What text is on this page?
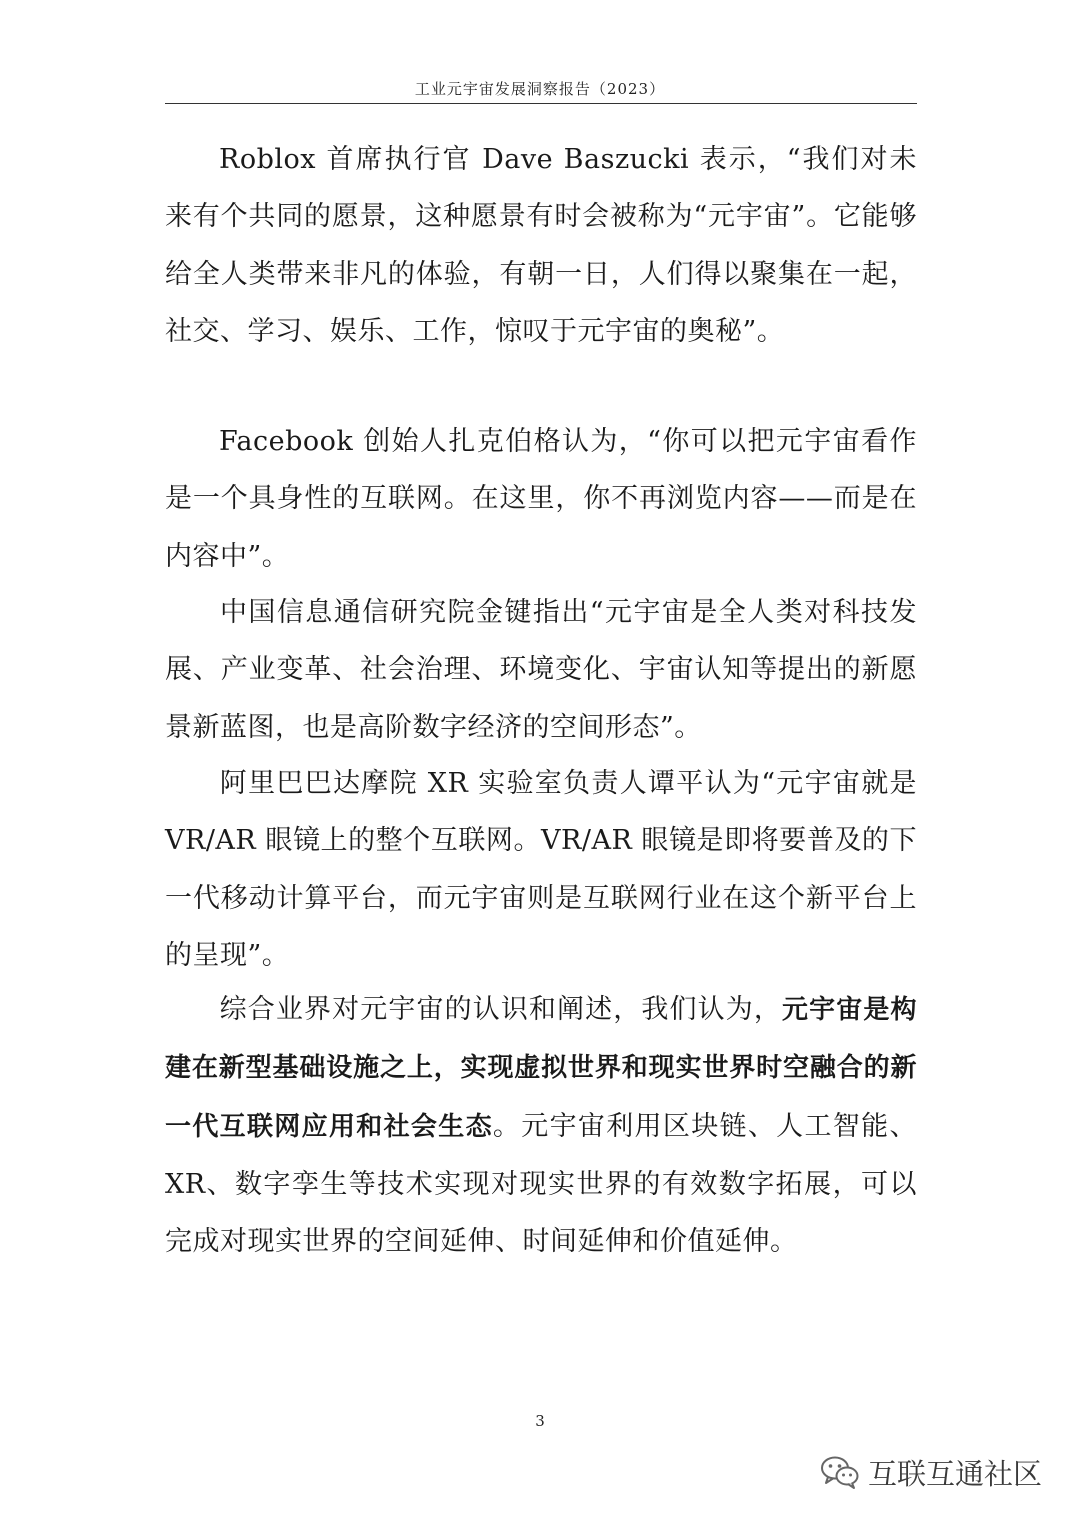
工业元宇宙发展洞察报告（2023）

Roblox 首席执行官 Dave Baszucki 表示，“我们对未来有个共同的愿景，这种愿景有时会被称为“元宇宙”。它能够给全人类带来非凡的体验，有朝一日，人们得以聚集在一起，社交、学习、娱乐、工作，惊叹于元宇宙的奥秘”。

Facebook 创始人扎克伯格认为，“你可以把元宇宙看作是一个具身性的互联网。在这里，你不再浏览内容——而是在内容中”。

中国信息通信研究院金键指出“元宇宙是全人类对科技发展、产业变革、社会治理、环境变化、宇宙认知等提出的新愿景新蓝图，也是高阶数字经济的空间形态”。

阿里巴巴达摩院 XR 实验室负责人谭平认为“元宇宙就是 VR/AR 眼镜上的整个互联网。VR/AR 眼镜是即将要普及的下一代移动计算平台，而元宇宙则是互联网行业在这个新平台上的呈现”。

综合业界对元宇宙的认识和阐述，我们认为，元宇宙是构建在新型基础设施之上，实现虚拟世界和现实世界时空融合的新一代互联网应用和社会生态。元宇宙利用区块链、人工智能、XR、数字孪生等技术实现对现实世界的有效数字拓展，可以完成对现实世界的空间延伸、时间延伸和价值延伸。

3
互联互通社区
